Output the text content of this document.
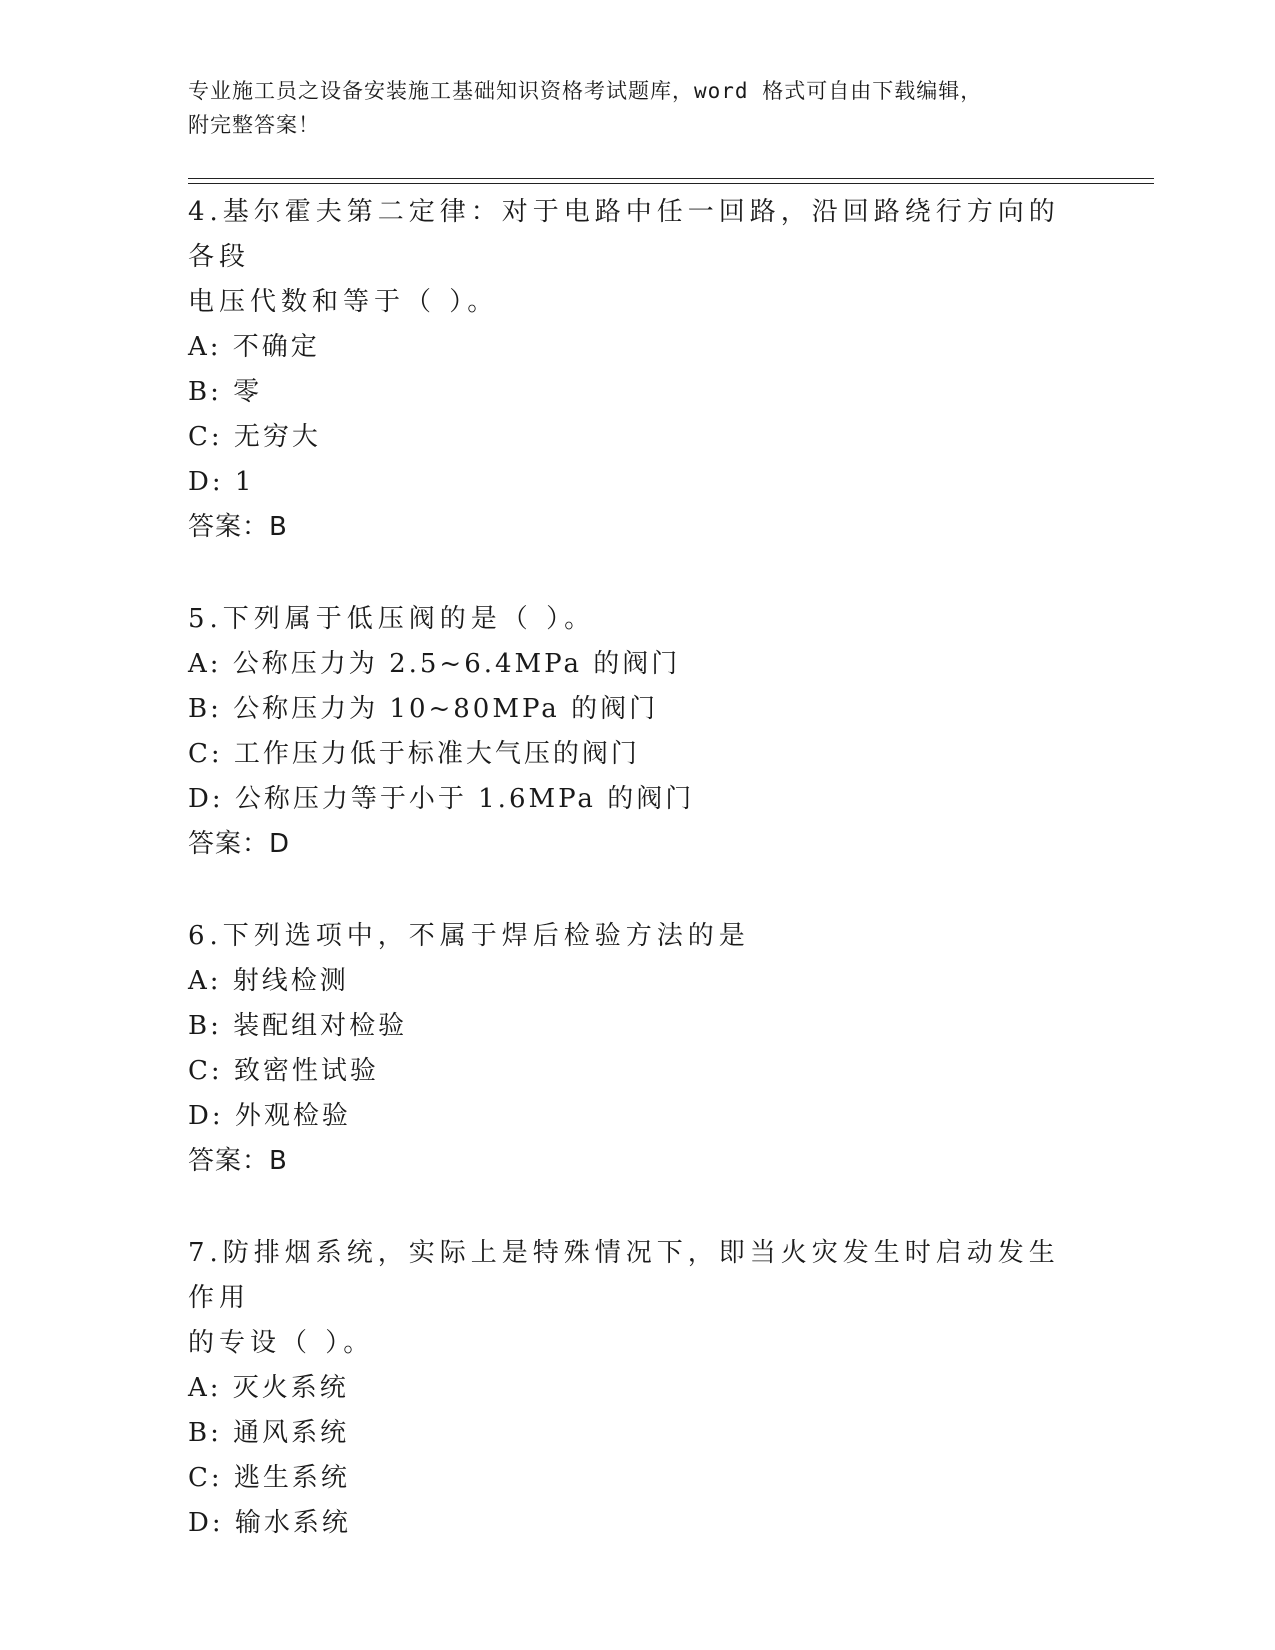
专业施工员之设备安装施工基础知识资格考试题库，word 格式可自由下载编辑，
附完整答案！

4.基尔霍夫第二定律：对于电路中任一回路，沿回路绕行方向的各段

电压代数和等于（ ）。

A: 不确定

B: 零

C: 无穷大

D: 1

答案：B

5.下列属于低压阀的是（ ）。

A: 公称压力为 2.5~6.4MPa 的阀门

B: 公称压力为 10~80MPa 的阀门

C: 工作压力低于标准大气压的阀门

D: 公称压力等于小于 1.6MPa 的阀门

答案：D

6.下列选项中，不属于焊后检验方法的是

A: 射线检测

B: 装配组对检验

C: 致密性试验

D: 外观检验

答案：B

7.防排烟系统，实际上是特殊情况下，即当火灾发生时启动发生作用

的专设（ ）。

A: 灭火系统

B: 通风系统

C: 逃生系统

D: 输水系统
